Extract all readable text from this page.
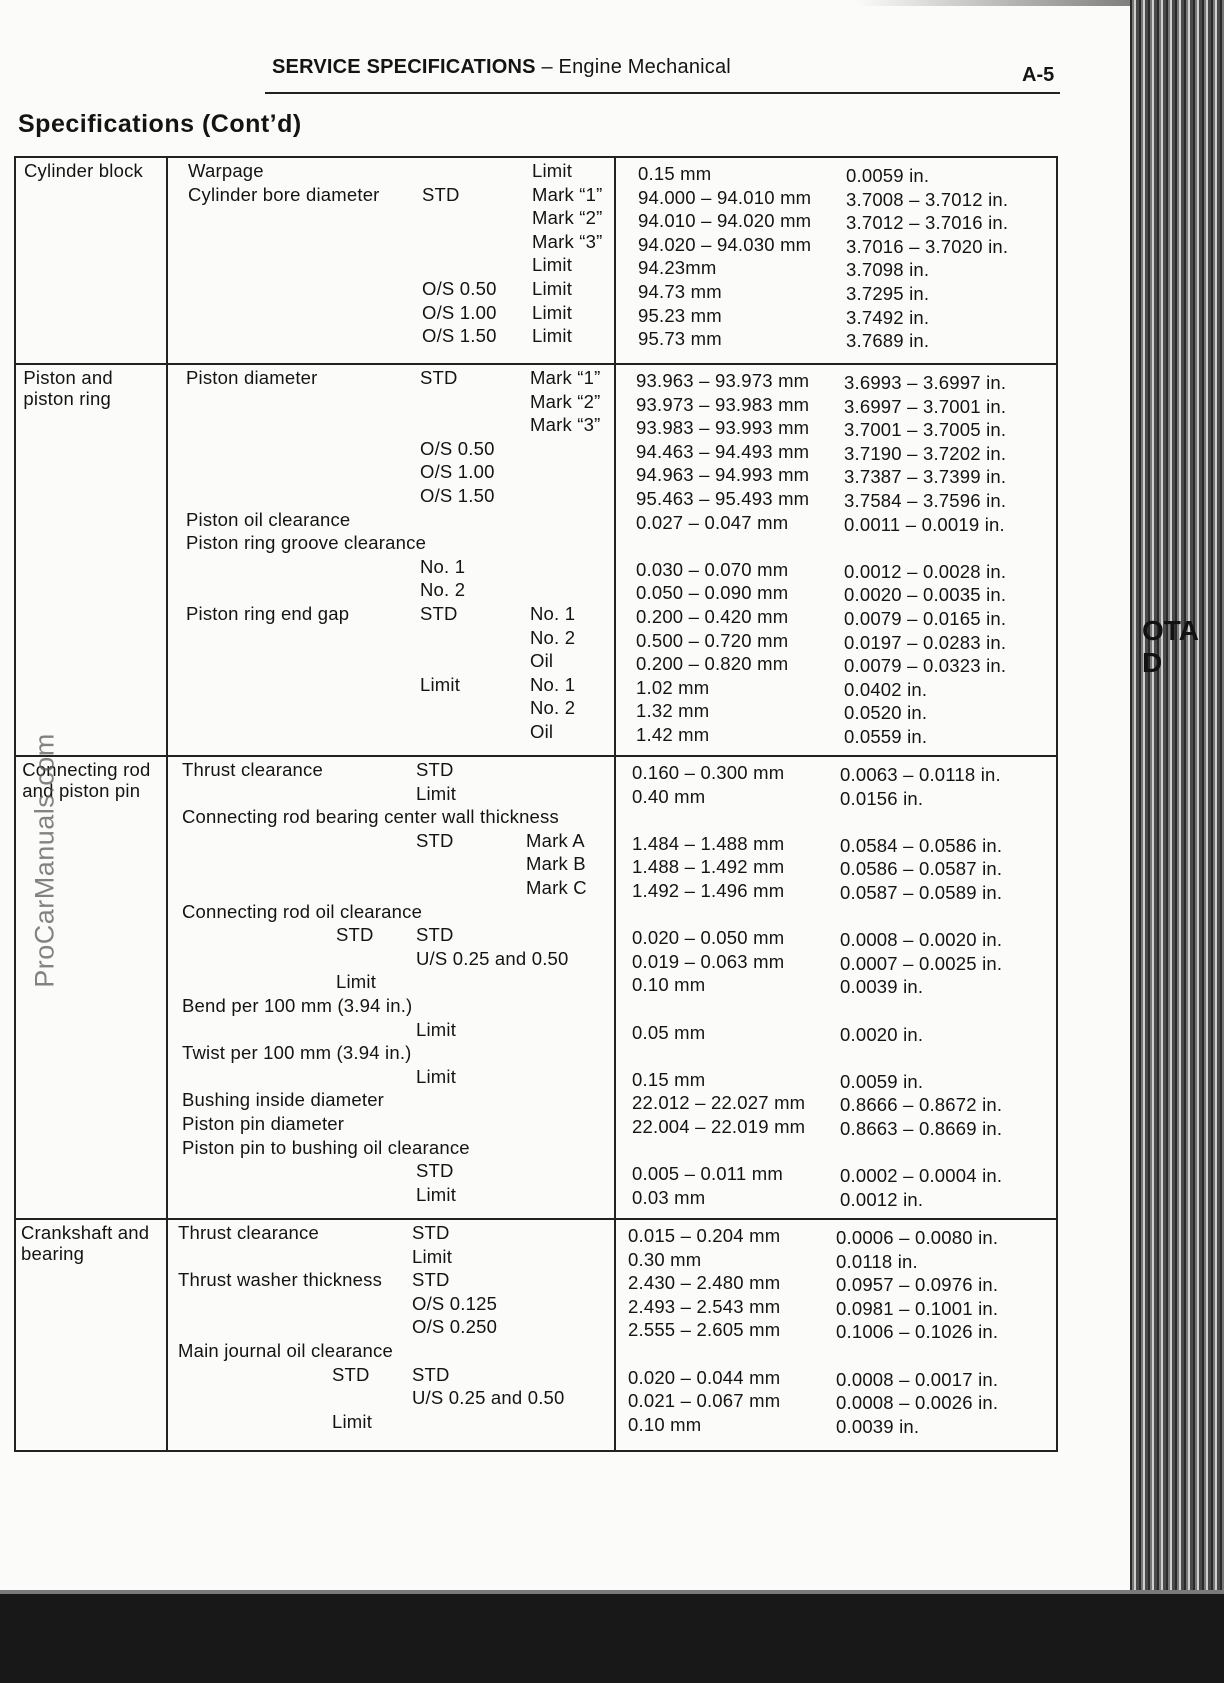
SERVICE SPECIFICATIONS – Engine Mechanical	A-5
Specifications (Cont’d)
Cylinder block Warpage	Limit	0.15 mm	0.0059 in.
Cylinder bore diameter STD	Mark “1” 94.000 – 94.010 mm 3.7008 – 3.7012 in.
Mark “2” 94.010 – 94.020 mm 3.7012 – 3.7016 in.
Mark “3” 94.020 – 94.030 mm 3.7016 – 3.7020 in.
Limit	94.23mm	3.7098 in.
O/S 0.50 Limit	94.73 mm	3.7295 in.
O/S 1.00 Limit	95.23 mm	3.7492 in.
O/S 1.50 Limit	95.73 mm	3.7689 in.
Piston and
piston ring
Piston diameter	STD	Mark “1” 93.963 – 93.973 mm 3.6993 – 3.6997 in.
Mark “2” 93.973 – 93.983 mm 3.6997 – 3.7001 in.
Mark “3” 93.983 – 93.993 mm 3.7001 – 3.7005 in.
O/S 0.50	94.463 – 94.493 mm 3.7190 – 3.7202 in.
O/S 1.00	94.963 – 94.993 mm 3.7387 – 3.7399 in.
O/S 1.50	95.463 – 95.493 mm 3.7584 – 3.7596 in.
Piston oil clearance	0.027 – 0.047 mm	0.0011 – 0.0019 in.
Piston ring groove clearance
No. 1	0.030 – 0.070 mm	0.0012 – 0.0028 in.
No. 2	0.050 – 0.090 mm	0.0020 – 0.0035 in.
Piston ring end gap	STD	No. 1	0.200 – 0.420 mm	0.0079 – 0.0165 in.
No. 2	0.500 – 0.720 mm	0.0197 – 0.0283 in.
Oil	0.200 – 0.820 mm	0.0079 – 0.0323 in.
Limit	No. 1	1.02 mm	0.0402 in.
No. 2	1.32 mm	0.0520 in.
Oil	1.42 mm	0.0559 in.
Connecting rod
and piston pin
Thrust clearance	STD	0.160 – 0.300 mm	0.0063 – 0.0118 in.
Limit	0.40 mm	0.0156 in.
Connecting rod bearing center wall thickness
STD	Mark A	1.484 – 1.488 mm	0.0584 – 0.0586 in.
Mark B 1.488 – 1.492 mm	0.0586 – 0.0587 in.
Mark C 1.492 – 1.496 mm	0.0587 – 0.0589 in.
Connecting rod oil clearance
STD STD	0.020 – 0.050 mm	0.0008 – 0.0020 in.
U/S 0.25 and 0.50	0.019 – 0.063 mm	0.0007 – 0.0025 in.
Limit	0.10 mm	0.0039 in.
Bend per 100 mm (3.94 in.)
Limit	0.05 mm	0.0020 in.
Twist per 100 mm (3.94 in.)
Limit	0.15 mm	0.0059 in.
Bushing inside diameter	22.012 – 22.027 mm 0.8666 – 0.8672 in.
Piston pin diameter	22.004 – 22.019 mm 0.8663 – 0.8669 in.
Piston pin to bushing oil clearance
STD	0.005 – 0.011 mm	0.0002 – 0.0004 in.
Limit	0.03 mm	0.0012 in.
Crankshaft and
bearing
Thrust clearance	STD	0.015 – 0.204 mm	0.0006 – 0.0080 in.
Limit	0.30 mm	0.0118 in.
Thrust washer thickness STD	2.430 – 2.480 mm	0.0957 – 0.0976 in.
O/S 0.125	2.493 – 2.543 mm	0.0981 – 0.1001 in.
O/S 0.250	2.555 – 2.605 mm	0.1006 – 0.1026 in.
Main journal oil clearance
STD STD	0.020 – 0.044 mm	0.0008 – 0.0017 in.
U/S 0.25 and 0.50	0.021 – 0.067 mm	0.0008 – 0.0026 in.
Limit	0.10 mm	0.0039 in.
ProCarManuals.com
OTA
D
